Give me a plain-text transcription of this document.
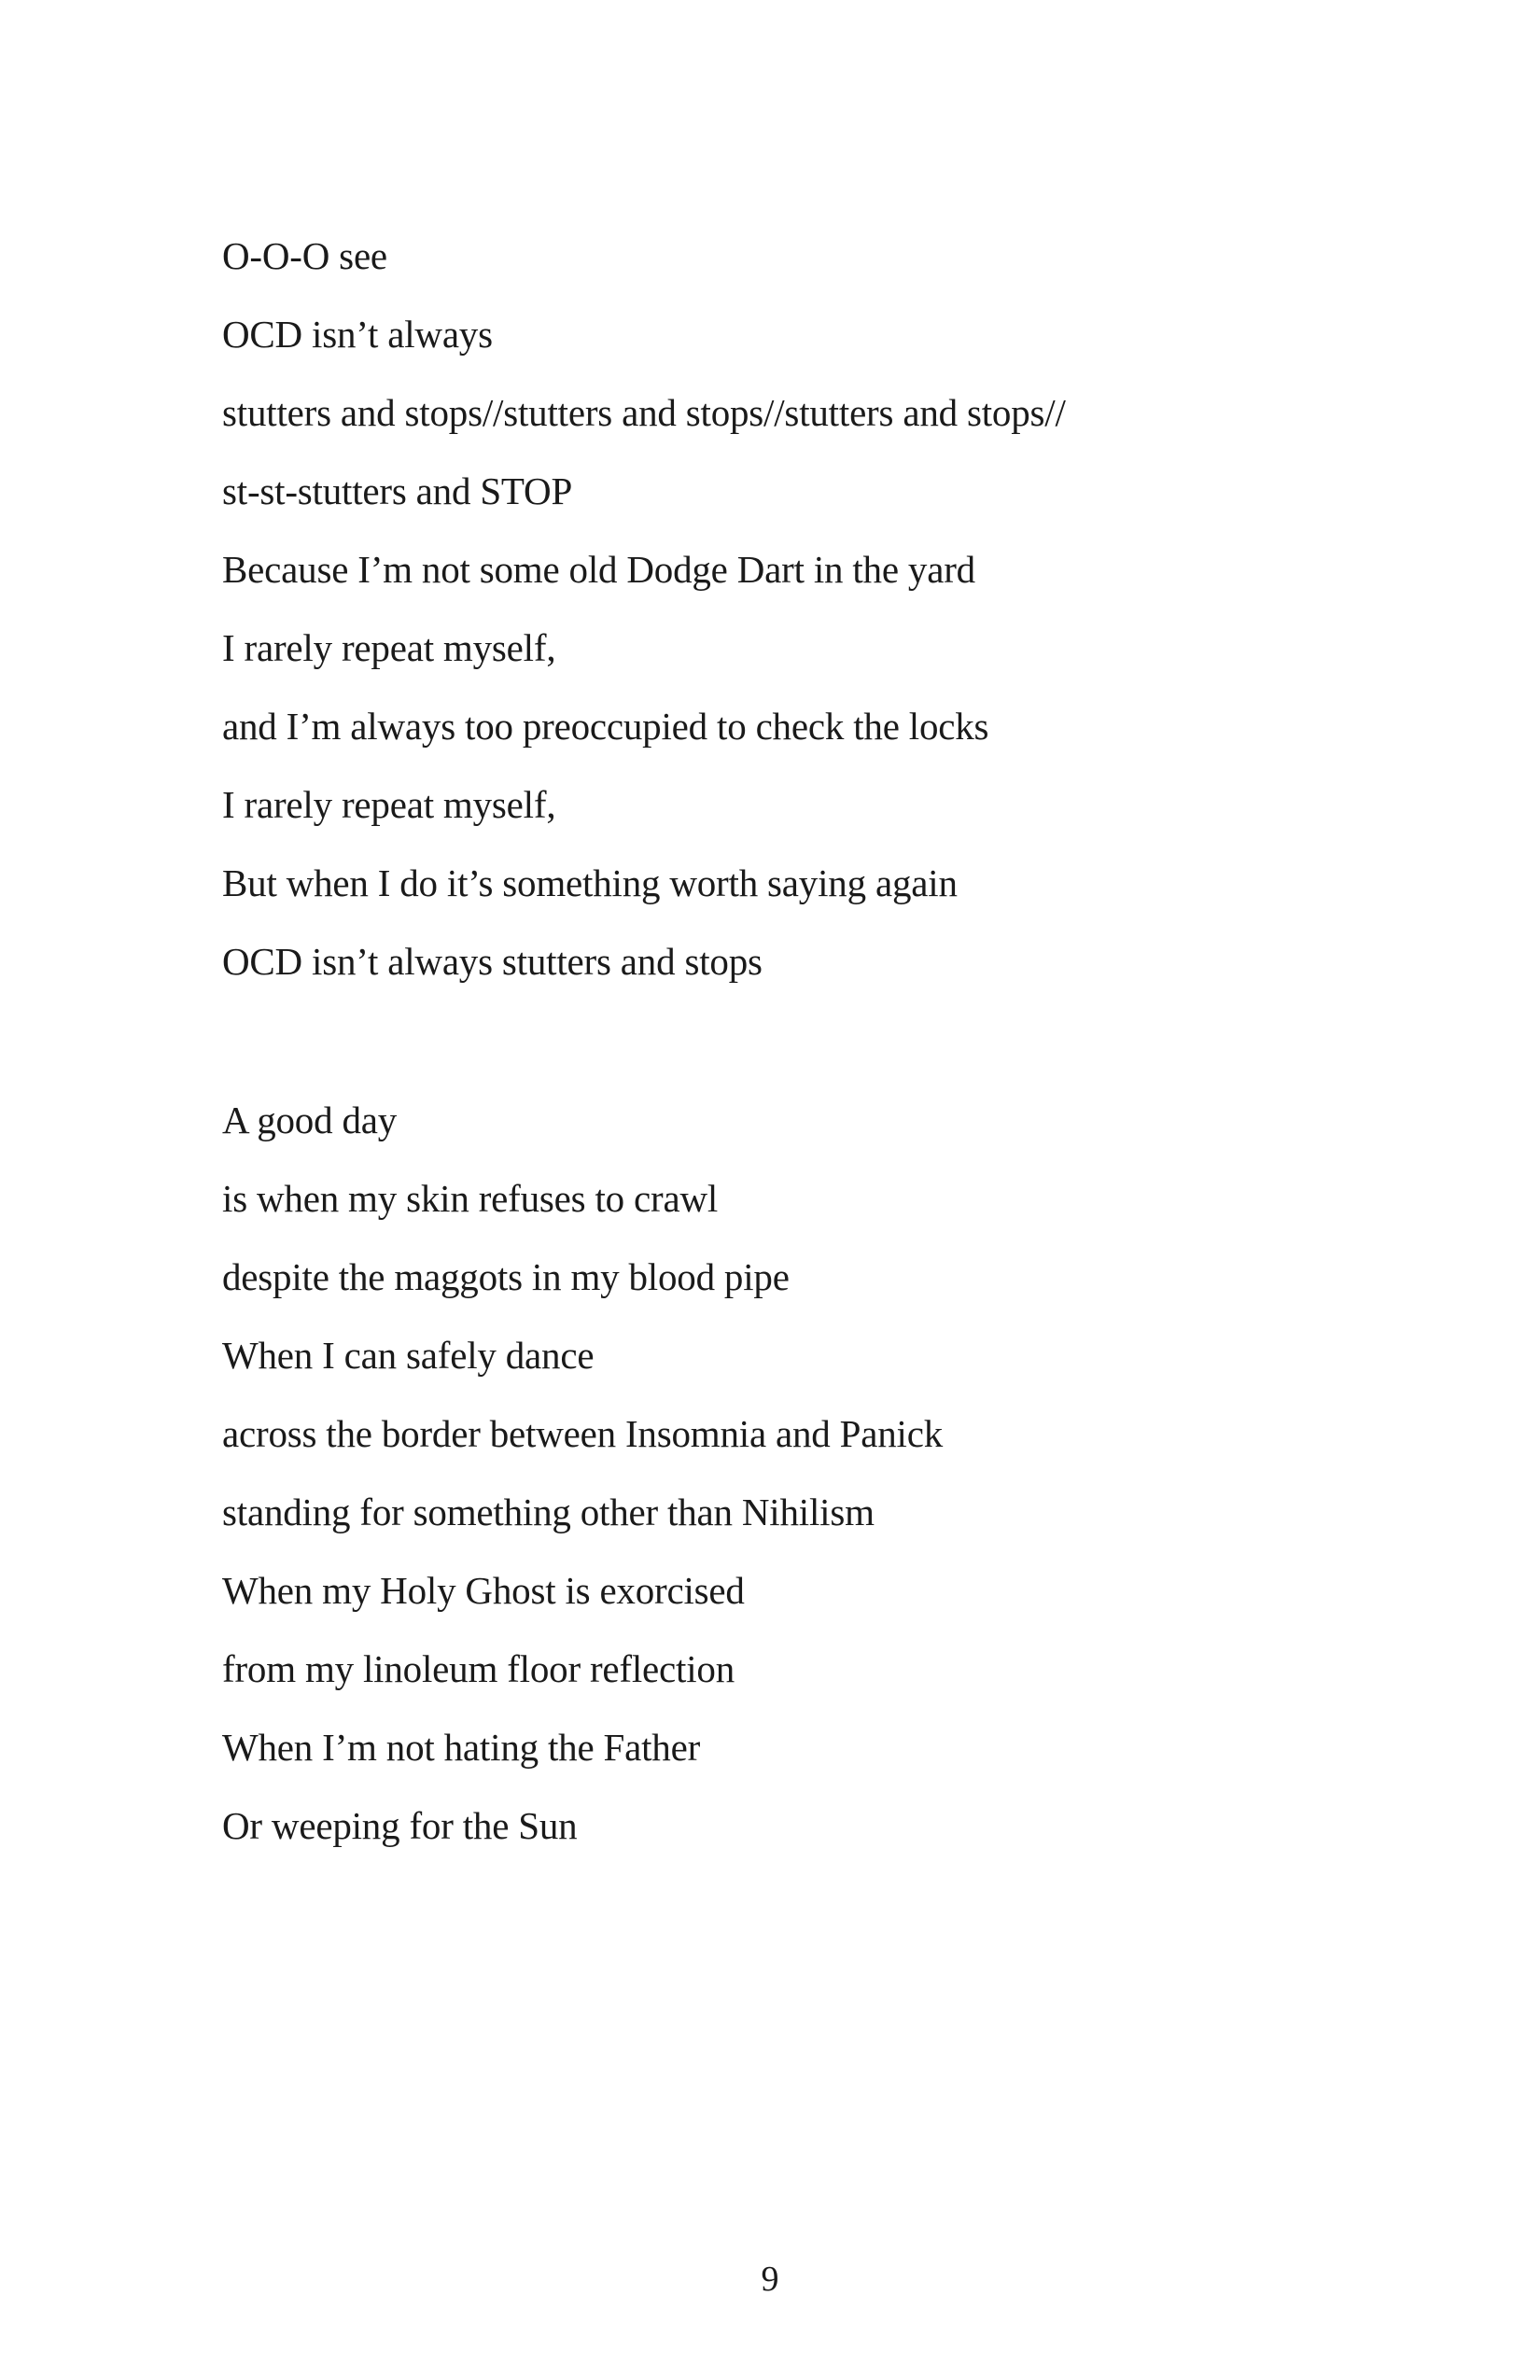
O-O-O see
OCD isn’t always
stutters and stops//stutters and stops//stutters and stops//
st-st-stutters and STOP
Because I’m not some old Dodge Dart in the yard
I rarely repeat myself,
and I’m always too preoccupied to check the locks
I rarely repeat myself,
But when I do it’s something worth saying again
OCD isn’t always stutters and stops
A good day
is when my skin refuses to crawl
despite the maggots in my blood pipe
When I can safely dance
across the border between Insomnia and Panick
standing for something other than Nihilism
When my Holy Ghost is exorcised
from my linoleum floor reflection
When I’m not hating the Father
Or weeping for the Sun
9
